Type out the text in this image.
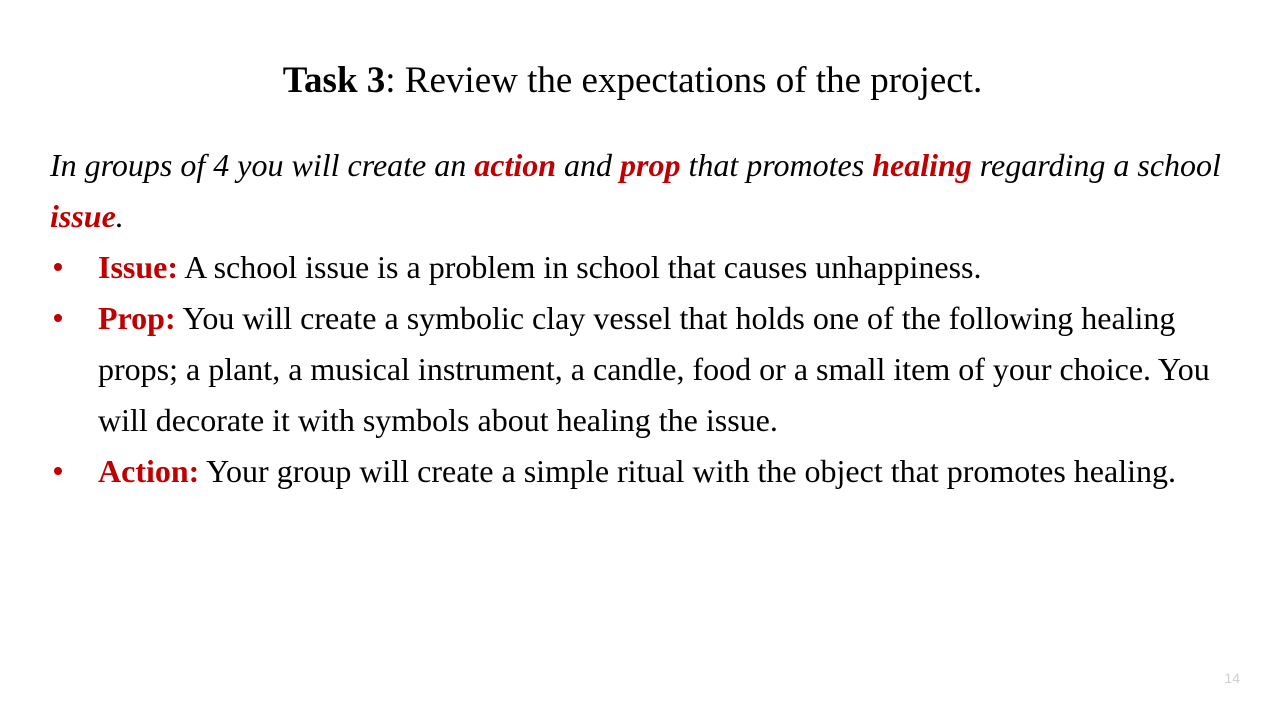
Task 3: Review the expectations of the project.

In groups of 4 you will create an action and prop that promotes healing regarding a school issue.

Issue: A school issue is a problem in school that causes unhappiness.
Prop: You will create a symbolic clay vessel that holds one of the following healing props; a plant, a musical instrument, a candle, food or a small item of your choice. You will decorate it with symbols about healing the issue.
Action: Your group will create a simple ritual with the object that promotes healing.
14
